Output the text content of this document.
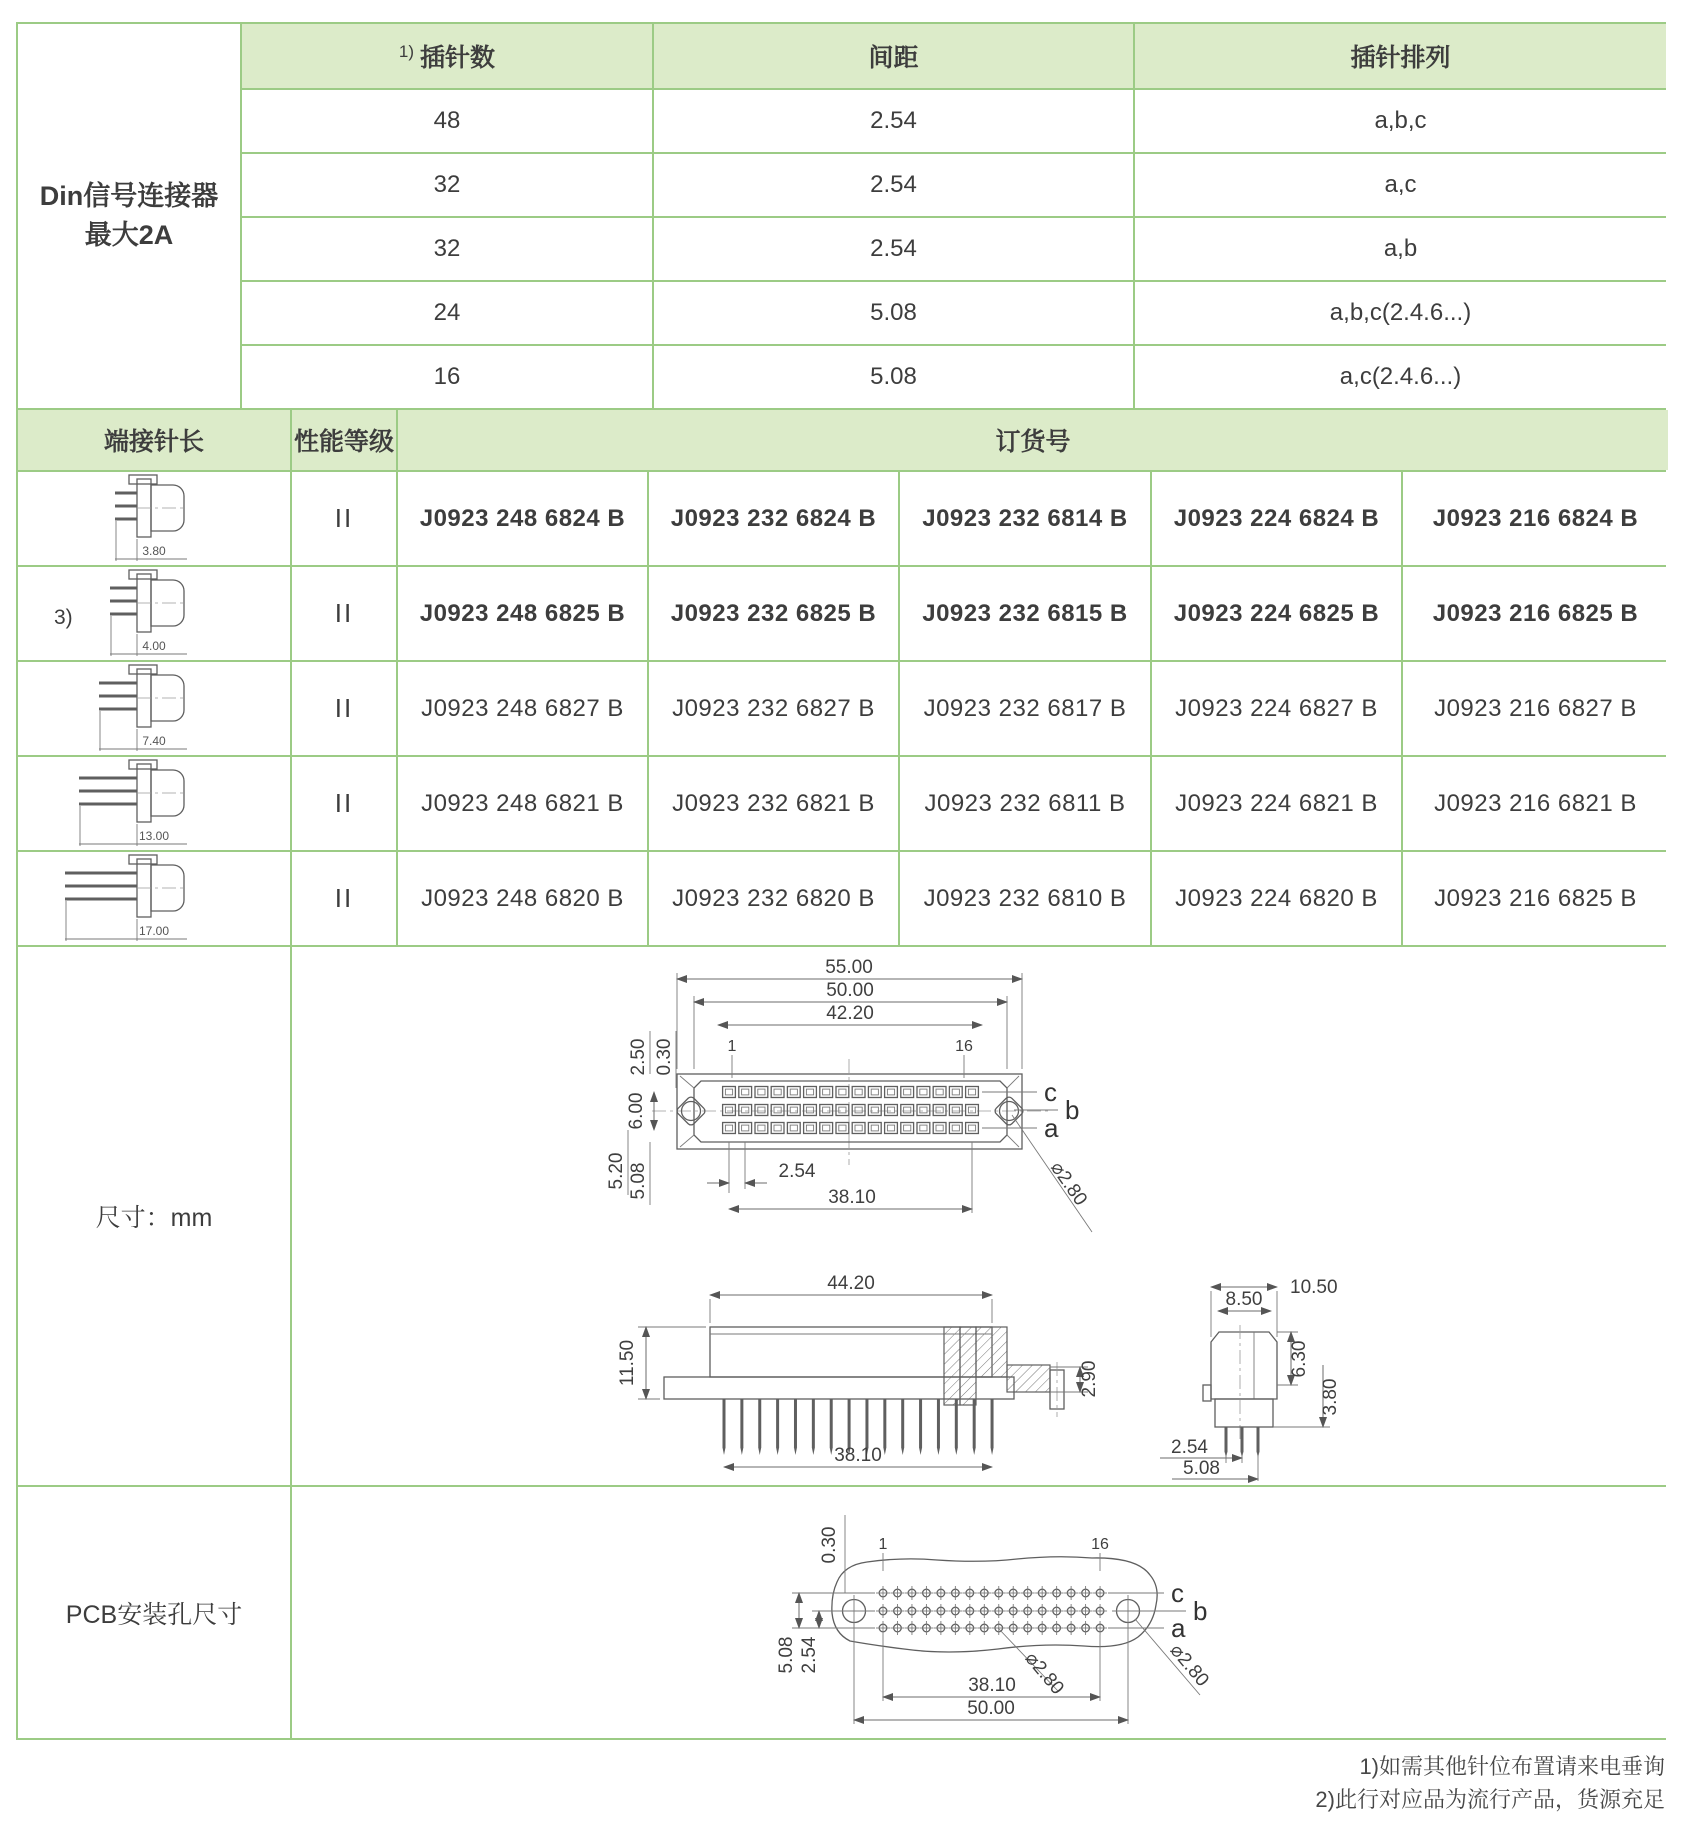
Din信号连接器
最大2A
1) 插针数	间距	插针排列
48	2.54	a,b,c
32	2.54	a,c
32	2.54	a,b
24	5.08	a,b,c(2.4.6...)
16	5.08	a,c(2.4.6...)
端接针长	性能等级	订货号
3.80
II	J0923 248 6824 B	J0923 232 6824 B	J0923 232 6814 B	J0923 224 6824 B	J0923 216 6824 B
3)
4.00
II	J0923 248 6825 B	J0923 232 6825 B	J0923 232 6815 B	J0923 224 6825 B	J0923 216 6825 B
7.40
II	J0923 248 6827 B	J0923 232 6827 B	J0923 232 6817 B	J0923 224 6827 B	J0923 216 6827 B
13.00
II	J0923 248 6821 B	J0923 232 6821 B	J0923 232 6811 B	J0923 224 6821 B	J0923 216 6821 B
17.00
II	J0923 248 6820 B	J0923 232 6820 B	J0923 232 6810 B	J0923 224 6820 B	J0923 216 6825 B
尺寸：mm
55.00
50.00
42.20
1	16
2.50 0.30
6.00
5.20 5.08	2.54
38.10
c
b
a
⌀2.80
44.20
11.50	2.90
38.10
10.50
8.50
6.30
3.80
2.54
5.08
PCB安装孔尺寸
0.30 1	16
c
b
a
5.08 2.54	⌀2.80	⌀2.80
38.10
50.00
1)如需其他针位布置请来电垂询
2)此行对应品为流行产品，货源充足
